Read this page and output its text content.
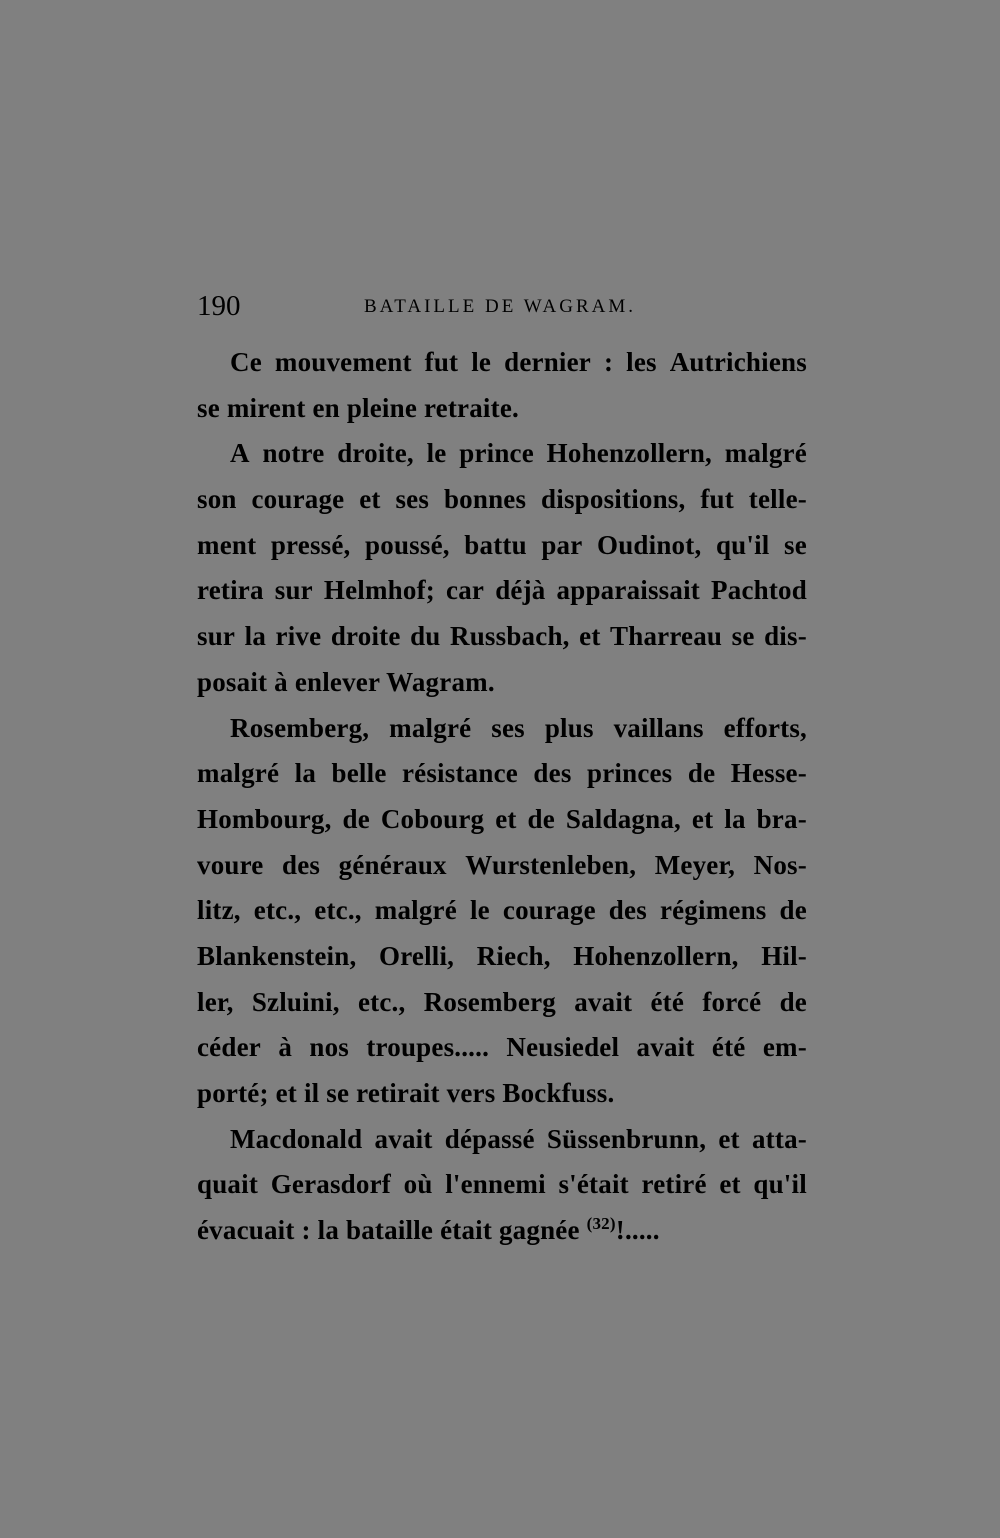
190	BATAILLE DE WAGRAM.
Ce mouvement fut le dernier : les Autrichiens
se mirent en pleine retraite.
A notre droite, le prince Hohenzollern, malgré
son courage et ses bonnes dispositions, fut telle-
ment pressé, poussé, battu par Oudinot, qu'il se
retira sur Helmhof; car déjà apparaissait Pachtod
sur la rive droite du Russbach, et Tharreau se dis-
posait à enlever Wagram.
Rosemberg, malgré ses plus vaillans efforts,
malgré la belle résistance des princes de Hesse-
Hombourg, de Cobourg et de Saldagna, et la bra-
voure des généraux Wurstenleben, Meyer, Nos-
litz, etc., etc., malgré le courage des régimens de
Blankenstein, Orelli, Riech, Hohenzollern, Hil-
ler, Szluini, etc., Rosemberg avait été forcé de
céder à nos troupes..... Neusiedel avait été em-
porté; et il se retirait vers Bockfuss.
Macdonald avait dépassé Süssenbrunn, et atta-
quait Gerasdorf où l'ennemi s'était retiré et qu'il
évacuait : la bataille était gagnée $^{(32)}$!.....
